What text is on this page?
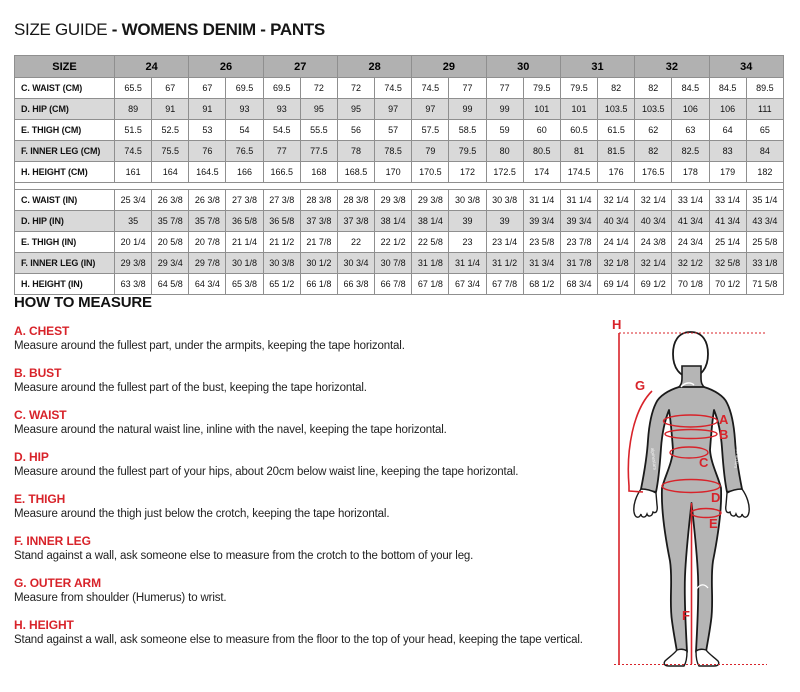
SIZE GUIDE - WOMENS DENIM - PANTS
SIZE	24		26		27		28		29		30		31		32		34	
C. WAIST (CM)	65.5	67	67	69.5	69.5	72	72	74.5	74.5	77	77	79.5	79.5	82	82	84.5	84.5	89.5
D. HIP (CM)	89	91	91	93	93	95	95	97	97	99	99	101	101	103.5	103.5	106	106	111
E. THIGH (CM)	51.5	52.5	53	54	54.5	55.5	56	57	57.5	58.5	59	60	60.5	61.5	62	63	64	65
F. INNER LEG (CM)	74.5	75.5	76	76.5	77	77.5	78	78.5	79	79.5	80	80.5	81	81.5	82	82.5	83	84
H. HEIGHT (CM)	161	164	164.5	166	166.5	168	168.5	170	170.5	172	172.5	174	174.5	176	176.5	178	179	182

C. WAIST (IN)	25 3/4	26 3/8	26 3/8	27 3/8	27 3/8	28 3/8	28 3/8	29 3/8	29 3/8	30 3/8	30 3/8	31 1/4	31 1/4	32 1/4	32 1/4	33 1/4	33 1/4	35 1/4
D. HIP (IN)	35	35 7/8	35 7/8	36 5/8	36 5/8	37 3/8	37 3/8	38 1/4	38 1/4	39	39	39 3/4	39 3/4	40 3/4	40 3/4	41 3/4	41 3/4	43 3/4
E. THIGH (IN)	20 1/4	20 5/8	20 7/8	21 1/4	21 1/2	21 7/8	22	22 1/2	22 5/8	23	23 1/4	23 5/8	23 7/8	24 1/4	24 3/8	24 3/4	25 1/4	25 5/8
F. INNER LEG (IN)	29 3/8	29 3/4	29 7/8	30 1/8	30 3/8	30 1/2	30 3/4	30 7/8	31 1/8	31 1/4	31 1/2	31 3/4	31 7/8	32 1/8	32 1/4	32 1/2	32 5/8	33 1/8
H. HEIGHT (IN)	63 3/8	64 5/8	64 3/4	65 3/8	65 1/2	66 1/8	66 3/8	66 7/8	67 1/8	67 3/4	67 7/8	68 1/2	68 3/4	69 1/4	69 1/2	70 1/8	70 1/2	71 5/8
HOW TO MEASURE
A. CHEST

Measure around the fullest part, under the armpits, keeping the tape horizontal.

B. BUST

Measure around the fullest part of the bust, keeping the tape horizontal.

C. WAIST

Measure around the natural waist line, inline with the navel, keeping the tape horizontal.

D. HIP

Measure around the fullest part of your hips, about 20cm below waist line, keeping the tape horizontal.

E. THIGH

Measure around the thigh just below the crotch, keeping the tape horizontal.

F. INNER LEG

Stand against a wall, ask someone else to measure from the crotch to the bottom of your leg.

G. OUTER ARM

Measure from shoulder (Humerus) to wrist.

H. HEIGHT

Stand against a wall, ask someone else to measure from the floor to the top of your head, keeping the tape vertical.

alpinestars	alpinestars
A
B
C
D
E
F
G
H
